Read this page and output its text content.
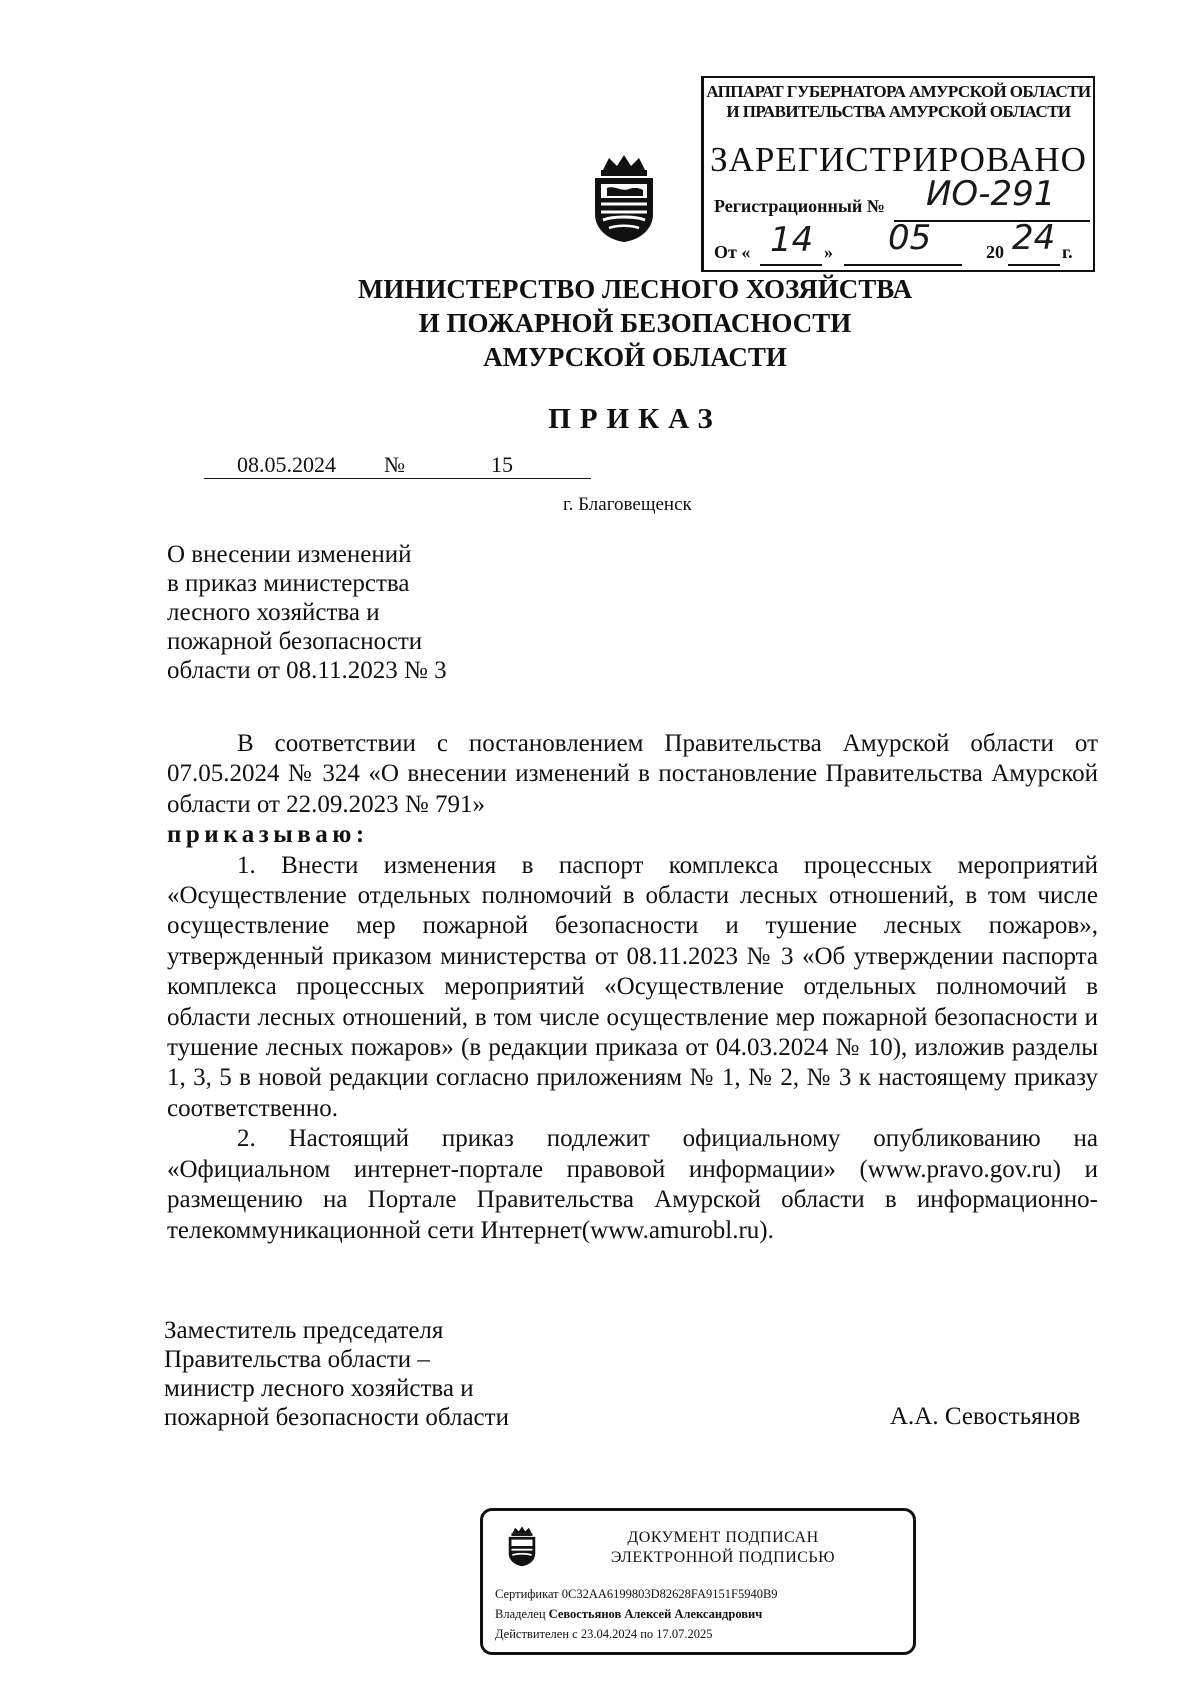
АППАРАТ ГУБЕРНАТОРА АМУРСКОЙ ОБЛАСТИ
И ПРАВИТЕЛЬСТВА АМУРСКОЙ ОБЛАСТИ
ЗАРЕГИСТРИРОВАНО
Регистрационный № ИО-291
От « 14 » 05	20 24 г.
МИНИСТЕРСТВО ЛЕСНОГО ХОЗЯЙСТВА
И ПОЖАРНОЙ БЕЗОПАСНОСТИ
АМУРСКОЙ ОБЛАСТИ
ПРИКАЗ
08.05.2024 №	15
г. Благовещенск
О внесении изменений
в приказ министерства
лесного хозяйства и
пожарной безопасности
области от 08.11.2023 № 3

В соответствии с постановлением Правительства Амурской области от 07.05.2024 № 324 «О внесении изменений в постановление Правительства Амурской области от 22.09.2023 № 791»

приказываю:

1. Внести изменения в паспорт комплекса процессных мероприятий «Осуществление отдельных полномочий в области лесных отношений, в том числе осуществление мер пожарной безопасности и тушение лесных пожаров», утвержденный приказом министерства от 08.11.2023 № 3 «Об утверждении паспорта комплекса процессных мероприятий «Осуществление отдельных полномочий в области лесных отношений, в том числе осуществление мер пожарной безопасности и тушение лесных пожаров» (в редакции приказа от 04.03.2024 № 10), изложив разделы 1, 3, 5 в новой редакции согласно приложениям № 1, № 2, № 3 к настоящему приказу соответственно.

2. Настоящий приказ подлежит официальному опубликованию на «Официальном интернет-портале правовой информации» (www.pravo.gov.ru) и размещению на Портале Правительства Амурской области в информационно-телекоммуникационной сети Интернет(www.amurobl.ru).

Заместитель председателя
Правительства области –
министр лесного хозяйства и
пожарной безопасности области	А.А. Севостьянов
ДОКУМЕНТ ПОДПИСАН
ЭЛЕКТРОННОЙ ПОДПИСЬЮ
Сертификат 0C32AA6199803D82628FA9151F5940B9
Владелец Севостьянов Алексей Александрович
Действителен с 23.04.2024 по 17.07.2025
